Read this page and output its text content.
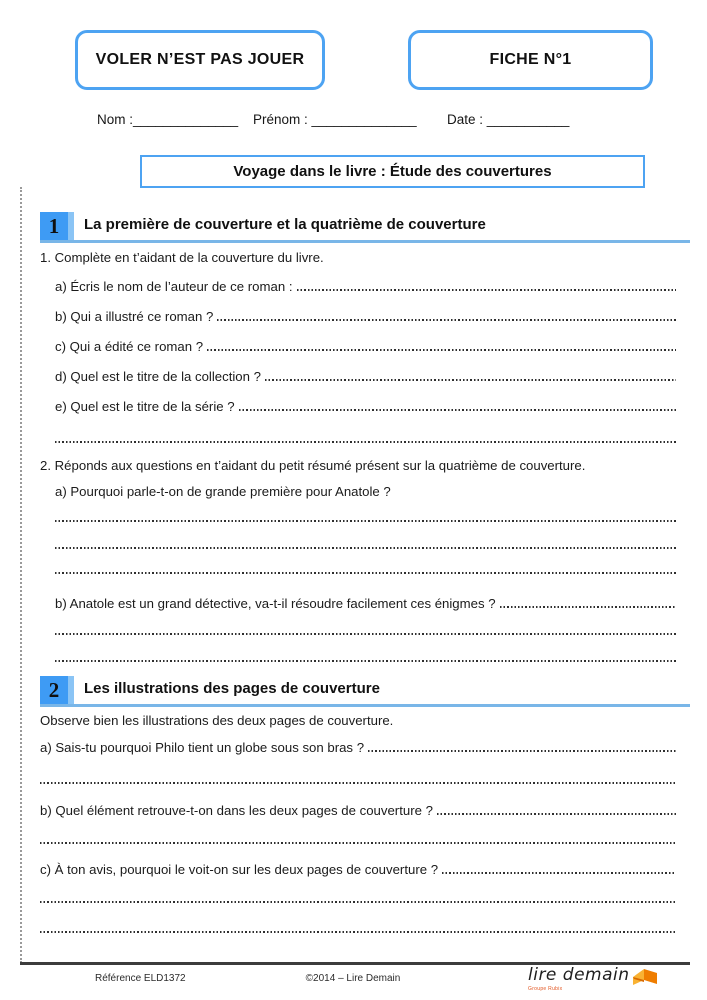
VOLER N’EST PAS JOUER	FICHE N°1
Nom :______________ Prénom : ______________ Date : ___________
Voyage dans le livre : Étude des couvertures
1	La première de couverture et la quatrième de couverture
1. Complète en t’aidant de la couverture du livre.
a) Écris le nom de l’auteur de ce roman :
b) Qui a illustré ce roman ?
c) Qui a édité ce roman ?
d) Quel est le titre de la collection ?
e) Quel est le titre de la série ?
2. Réponds aux questions en t’aidant du petit résumé présent sur la quatrième de couverture.
a) Pourquoi parle-t-on de grande première pour Anatole ?
b) Anatole est un grand détective, va-t-il résoudre facilement ces énigmes ?
2	Les illustrations des pages de couverture
Observe bien les illustrations des deux pages de couverture.
a) Sais-tu pourquoi Philo tient un globe sous son bras ?
b) Quel élément retrouve-t-on dans les deux pages de couverture ?
c) À ton avis, pourquoi le voit-on sur les deux pages de couverture ?
Référence ELD1372	©2014 – Lire Demain	lire demain
Groupe Rubix
